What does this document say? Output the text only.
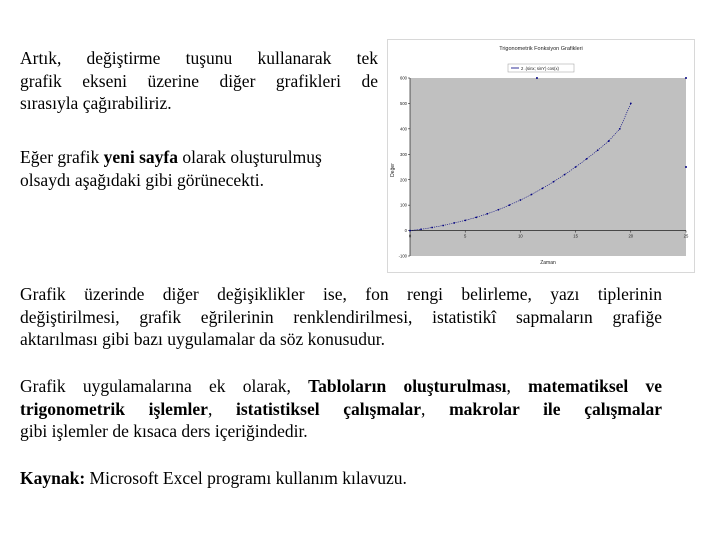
Artık, değiştirme tuşunu kullanarak tek
grafik ekseni üzerine diğer grafikleri de
sırasıyla çağırabiliriz.
Eğer grafik yeni sayfa olarak oluşturulmuş
olsaydı aşağıdaki gibi görünecekti.
Trigonometrik Fonksiyon Grafikleri
2 .(sinx; sinY) cos(x)
Değer
Zaman
-100
0
100
200
300
400
500
600
0	5	10	15	20	25
Grafik üzerinde diğer değişiklikler ise, fon rengi belirleme, yazı tiplerinin
değiştirilmesi, grafik eğrilerinin renklendirilmesi, istatistikî sapmaların grafiğe
aktarılması gibi bazı uygulamalar da söz konusudur.
Grafik uygulamalarına ek olarak, Tabloların oluşturulması, matematiksel ve
trigonometrik işlemler, istatistiksel çalışmalar, makrolar ile çalışmalar
gibi işlemler de kısaca ders içeriğindedir.
Kaynak: Microsoft Excel programı kullanım kılavuzu.
